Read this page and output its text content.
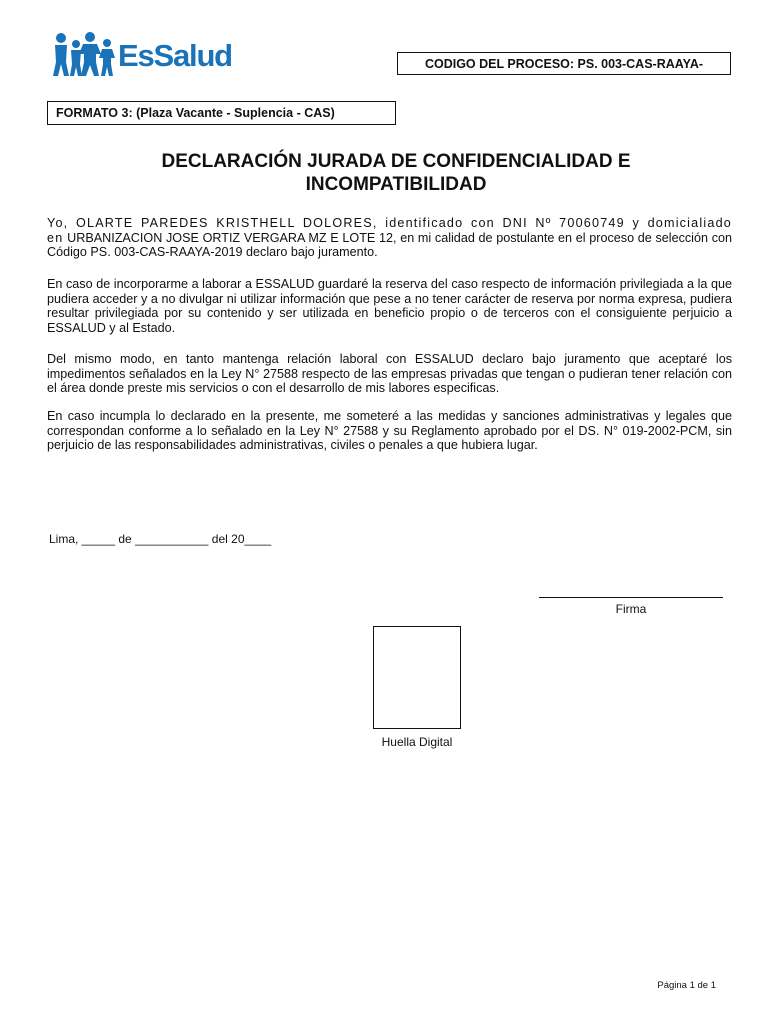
EsSalud	CODIGO DEL PROCESO: PS. 003-CAS-RAAYA-
FORMATO 3: (Plaza Vacante - Suplencia - CAS)
DECLARACIÓN JURADA DE CONFIDENCIALIDAD E
INCOMPATIBILIDAD
Yo, OLARTE PAREDES KRISTHELL DOLORES, identificado con DNI Nº 70060749 y domicialiado en URBANIZACION JOSE ORTIZ VERGARA MZ E LOTE 12, en mi calidad de postulante en el proceso de selección con Código PS. 003-CAS-RAAYA-2019 declaro bajo juramento.
En caso de incorporarme a laborar a ESSALUD guardaré la reserva del caso respecto de información privilegiada a la que pudiera acceder y a no divulgar ni utilizar información que pese a no tener carácter de reserva por norma expresa, pudiera resultar privilegiada por su contenido y ser utilizada en beneficio propio o de terceros con el consiguiente perjuicio a ESSALUD y al Estado.
Del mismo modo, en tanto mantenga relación laboral con ESSALUD declaro bajo juramento que aceptaré los impedimentos señalados en la Ley N° 27588 respecto de las empresas privadas que tengan o pudieran tener relación con el área donde preste mis servicios o con el desarrollo de mis labores especificas.
En caso incumpla lo declarado en la presente, me someteré a las medidas y sanciones administrativas y legales que correspondan conforme a lo señalado en la Ley N° 27588 y su Reglamento aprobado por el DS. N° 019-2002-PCM, sin perjuicio de las responsabilidades administrativas, civiles o penales a que hubiera lugar.
Lima, _____ de ___________ del 20____
Firma
Huella Digital
Página 1 de 1
